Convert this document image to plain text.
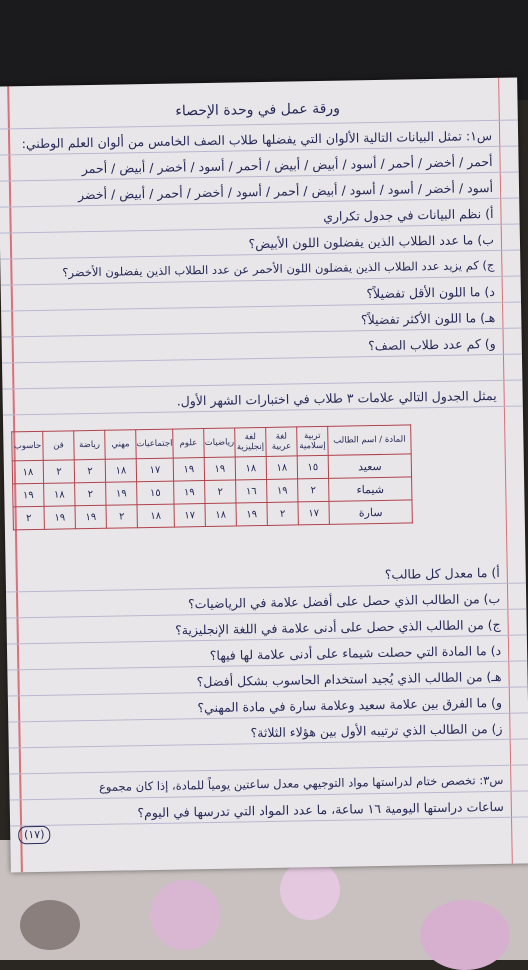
ورقة عمل في وحدة الإحصاء
س١: تمثل البيانات التالية الألوان التي يفضلها طلاب الصف الخامس من ألوان العلم الوطني:
أحمر / أخضر / أحمر / أسود / أبيض / أبيض / أحمر / أسود / أخضر / أبيض / أحمر
أسود / أخضر / أسود / أسود / أبيض / أحمر / أسود / أخضر / أحمر / أبيض / أخضر
أ) نظم البيانات في جدول تكراري
ب) ما عدد الطلاب الذين يفضلون اللون الأبيض؟
ج) كم يزيد عدد الطلاب الذين يفضلون اللون الأحمر عن عدد الطلاب الذين يفضلون الأخضر؟
د) ما اللون الأقل تفضيلاً؟
هـ) ما اللون الأكثر تفضيلاً؟
و) كم عدد طلاب الصف؟
يمثل الجدول التالي علامات ٣ طلاب في اختبارات الشهر الأول.
المادة / اسم الطالب	تربية إسلامية	لغة عربية	لغة إنجليزية	رياضيات	علوم	اجتماعيات	مهني	رياضة	فن	حاسوب
سعيد	١٥	١٨	١٨	١٩	١٩	١٧	١٨	٢	٢	١٨
شيماء	٢	١٩	١٦	٢	١٩	١٥	١٩	٢	١٨	١٩
سارة	١٧	٢	١٩	١٨	١٧	١٨	٢	١٩	١٩	٢
أ) ما معدل كل طالب؟
ب) من الطالب الذي حصل على أفضل علامة في الرياضيات؟
ج) من الطالب الذي حصل على أدنى علامة في اللغة الإنجليزية؟
د) ما المادة التي حصلت شيماء على أدنى علامة لها فيها؟
هـ) من الطالب الذي يُجيد استخدام الحاسوب بشكل أفضل؟
و) ما الفرق بين علامة سعيد وعلامة سارة في مادة المهني؟
ز) من الطالب الذي ترتيبه الأول بين هؤلاء الثلاثة؟
س٣: تخصص ختام لدراستها مواد التوجيهي معدل ساعتين يومياً للمادة، إذا كان مجموع
ساعات دراستها اليومية ١٦ ساعة، ما عدد المواد التي تدرسها في اليوم؟
(١٧)
